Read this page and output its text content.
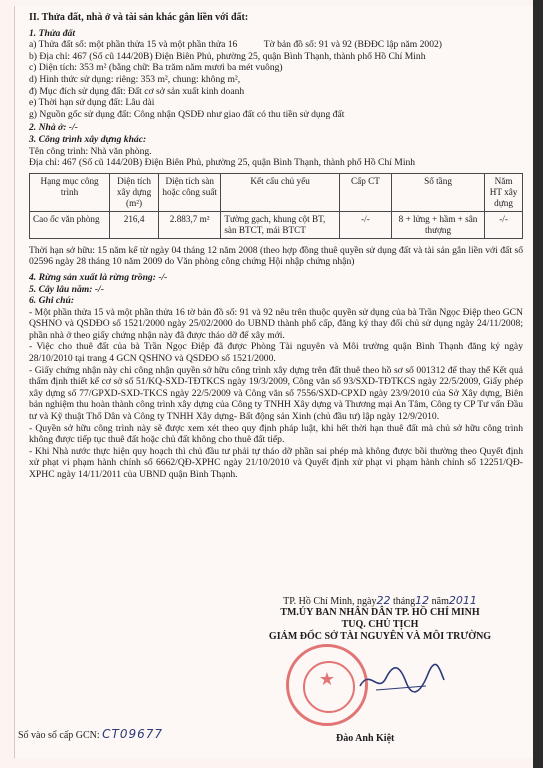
II. Thửa đất, nhà ở và tài sản khác gắn liền với đất:
1. Thửa đất
a) Thửa đất số: một phần thửa 15 và một phần thửa 16	Tờ bản đồ số: 91 và 92 (BĐĐC lập năm 2002)
b) Địa chỉ: 467 (Số cũ 144/20B) Điện Biên Phủ, phường 25, quận Bình Thạnh, thành phố Hồ Chí Minh
c) Diện tích: 353 m² (bằng chữ: Ba trăm năm mươi ba mét vuông)
d) Hình thức sử dụng: riêng: 353 m², chung: không m²,
đ) Mục đích sử dụng đất: Đất cơ sở sản xuất kinh doanh
e) Thời hạn sử dụng đất: Lâu dài
g) Nguồn gốc sử dụng đất: Công nhận QSDĐ như giao đất có thu tiền sử dụng đất
2. Nhà ở: -/-
3. Công trình xây dựng khác:
Tên công trình: Nhà văn phòng.
Địa chỉ: 467 (Số cũ 144/20B) Điện Biên Phủ, phường 25, quận Bình Thạnh, thành phố Hồ Chí Minh
Hạng mục công trình	Diện tích xây dựng (m²)	Diện tích sàn hoặc công suất	Kết cấu chủ yếu	Cấp CT	Số tầng	Năm HT xây dựng
Cao ốc văn phòng	216,4	2.883,7 m²	Tường gạch, khung cột BT, sàn BTCT, mái BTCT	-/-	8 + lửng + hầm + sân thượng	-/-
Thời hạn sở hữu: 15 năm kể từ ngày 04 tháng 12 năm 2008 (theo hợp đồng thuê quyền sử dụng đất và tài sản gắn liền với đất số 02596 ngày 28 tháng 10 năm 2009 do Văn phòng công chứng Hội nhập chứng nhận)
4. Rừng sản xuất là rừng trồng: -/-
5. Cây lâu năm: -/-
6. Ghi chú:
- Một phần thửa 15 và một phần thửa 16 tờ bản đồ số: 91 và 92 nêu trên thuộc quyền sử dụng của bà Trần Ngọc Điệp theo GCN QSHNO và QSDĐO số 1521/2000 ngày 25/02/2000 do UBND thành phố cấp, đăng ký thay đổi chủ sử dụng ngày 24/11/2008; phần nhà ở theo giấy chứng nhận này đã được tháo dỡ để xây mới.
- Việc cho thuê đất của bà Trần Ngọc Điệp đã được Phòng Tài nguyên và Môi trường quận Bình Thạnh đăng ký ngày 28/10/2010 tại trang 4 GCN QSHNO và QSDĐO số 1521/2000.
- Giấy chứng nhận này chỉ công nhận quyền sở hữu công trình xây dựng trên đất thuê theo hồ sơ số 001312 để thay thế Kết quả thẩm định thiết kế cơ sở số 51/KQ-SXD-TĐTKCS ngày 19/3/2009, Công văn số 93/SXD-TĐTKCS ngày 22/5/2009, Giấy phép xây dựng số 77/GPXD-SXD-TKCS ngày 22/5/2009 và Công văn số 7556/SXD-CPXD ngày 23/9/2010 của Sở Xây dựng, Biên bản nghiệm thu hoàn thành công trình xây dựng của Công ty TNHH Xây dựng và Thương mại An Tâm, Công ty CP Tư vấn Đầu tư và Kỹ thuật Thổ Dân và Công ty TNHH Xây dựng- Bất động sản Xinh (chủ đầu tư) lập ngày 12/9/2010.
- Quyền sở hữu công trình này sẽ được xem xét theo quy định pháp luật, khi hết thời hạn thuê đất mà chủ sở hữu công trình không được tiếp tục thuê đất hoặc chủ đất không cho thuê đất tiếp.
- Khi Nhà nước thực hiện quy hoạch thì chủ đầu tư phải tự tháo dỡ phần sai phép mà không được bồi thường theo Quyết định xử phạt vi phạm hành chính số 6662/QĐ-XPHC ngày 21/10/2010 và Quyết định xử phạt vi phạm hành chính số 12251/QĐ-XPHC ngày 14/11/2011 của UBND quận Bình Thạnh.
TP. Hồ Chí Minh, ngày22 tháng12 năm2011
TM.ỦY BAN NHÂN DÂN TP. HỒ CHÍ MINH
TUQ. CHỦ TỊCH
GIÁM ĐỐC SỞ TÀI NGUYÊN VÀ MÔI TRƯỜNG
★
Đào Anh Kiệt
Số vào sổ cấp GCN: CT09677
